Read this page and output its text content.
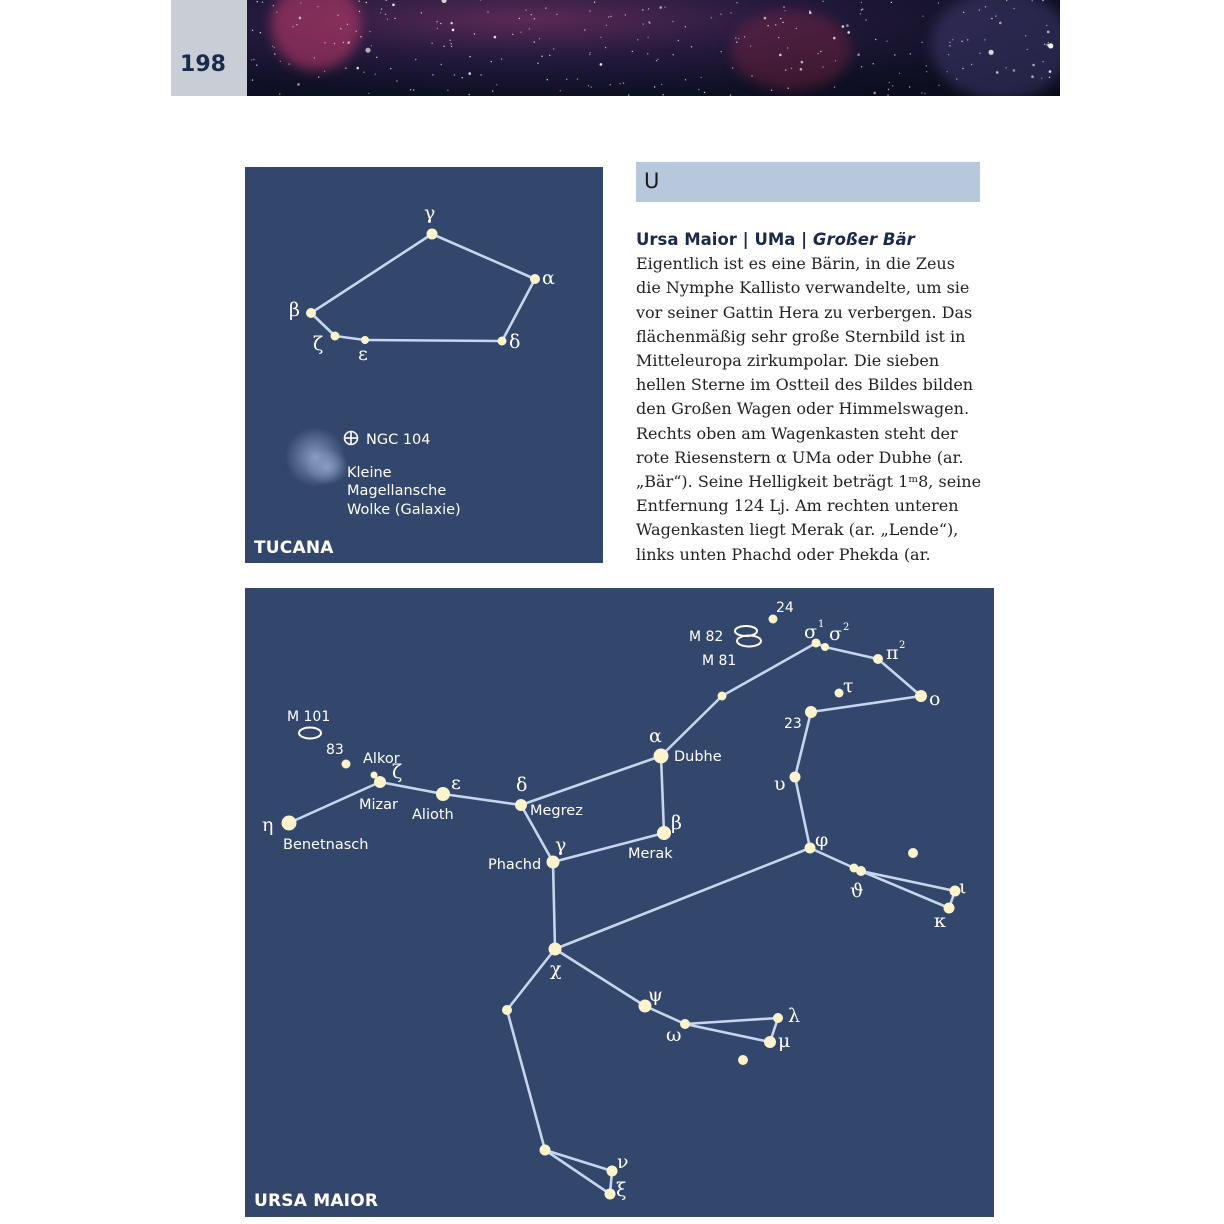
198
γ
α
β
ζ ε
δ
NGC 104
Kleine
Magellansche
Wolke (Galaxie)
TUCANA
U
Ursa Maior | UMa | Großer Bär

Eigentlich ist es eine Bärin, in die Zeus

die Nymphe Kallisto verwandelte, um sie

vor seiner Gattin Hera zu verbergen. Das

flächenmäßig sehr große Sternbild ist in

Mitteleuropa zirkumpolar. Die sieben

hellen Sterne im Ostteil des Bildes bilden

den Großen Wagen oder Himmelswagen.

Rechts oben am Wagenkasten steht der

rote Riesenstern α UMa oder Dubhe (ar.

„Bär“). Seine Helligkeit beträgt 1ᵐ8, seine

Entfernung 124 Lj. Am rechten unteren

Wagenkasten liegt Merak (ar. „Lende“),

links unten Phachd oder Phekda (ar.

M 101
83
Alkor
ζ
Mizar
ε
Alioth
δ
Megrez
α
Dubhe
β
Merak
γ
Phachd
η
Benetnasch
M 82
M 81
24
σ 1 σ 2
π 2
τ
ο
23
υ
φ
ϑ	ι
κ
χ
ψ
ω
λ
μ
ν
ξ
URSA MAIOR
